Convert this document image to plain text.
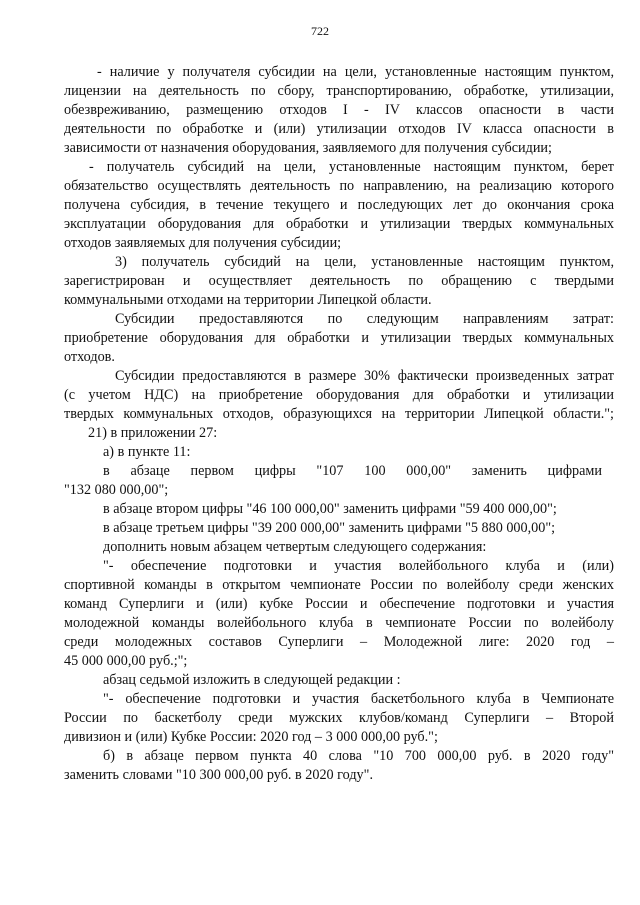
722
- наличие у получателя субсидии на цели, установленные настоящим пунктом,
лицензии на деятельность по сбору, транспортированию, обработке, утилизации,
обезвреживанию, размещению отходов I - IV классов опасности в части
деятельности по обработке и (или) утилизации отходов IV класса опасности в
зависимости от назначения оборудования, заявляемого для получения субсидии;
- получатель субсидий на цели, установленные настоящим пунктом, берет
обязательство осуществлять деятельность по направлению, на реализацию которого
получена субсидия, в течение текущего и последующих лет до окончания срока
эксплуатации оборудования для обработки и утилизации твердых коммунальных
отходов заявляемых для получения субсидии;
3) получатель субсидий на цели, установленные настоящим пунктом,
зарегистрирован и осуществляет деятельность по обращению с твердыми
коммунальными отходами на территории Липецкой области.
Субсидии предоставляются по следующим направлениям затрат:
приобретение оборудования для обработки и утилизации твердых коммунальных
отходов.
Субсидии предоставляются в размере 30% фактически произведенных затрат
(с учетом НДС) на приобретение оборудования для обработки и утилизации
твердых коммунальных отходов, образующихся на территории Липецкой области.";
21) в приложении 27:
а) в пункте 11:
в абзаце первом цифры "107 100 000,00" заменить цифрами
"132 080 000,00";
в абзаце втором цифры "46 100 000,00" заменить цифрами "59 400 000,00";
в абзаце третьем цифры "39 200 000,00" заменить цифрами "5 880 000,00";
дополнить новым абзацем четвертым следующего содержания:
"- обеспечение подготовки и участия волейбольного клуба и (или)
спортивной команды в открытом чемпионате России по волейболу среди женских
команд Суперлиги и (или) кубке России и обеспечение подготовки и участия
молодежной команды волейбольного клуба в чемпионате России по волейболу
среди молодежных составов Суперлиги – Молодежной лиге: 2020 год –
45 000 000,00 руб.;";
абзац седьмой изложить в следующей редакции :
"- обеспечение подготовки и участия баскетбольного клуба в Чемпионате
России по баскетболу среди мужских клубов/команд Суперлиги – Второй
дивизион и (или) Кубке России: 2020 год – 3 000 000,00 руб.";
б) в абзаце первом пункта 40 слова "10 700 000,00 руб. в 2020 году"
заменить словами "10 300 000,00 руб. в 2020 году".
